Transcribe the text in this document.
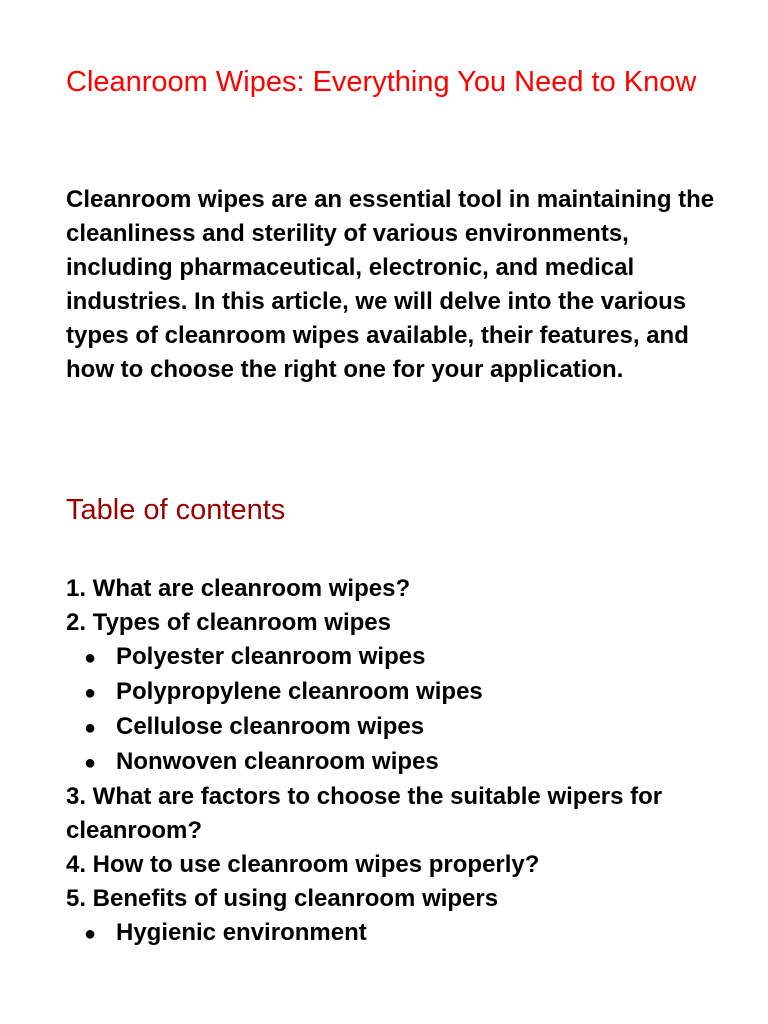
Cleanroom Wipes: Everything You Need to Know

Cleanroom wipes are an essential tool in maintaining the cleanliness and sterility of various environments, including pharmaceutical, electronic, and medical industries. In this article, we will delve into the various types of cleanroom wipes available, their features, and how to choose the right one for your application.

Table of contents
1. What are cleanroom wipes?
2. Types of cleanroom wipes
● Polyester cleanroom wipes
● Polypropylene cleanroom wipes
● Cellulose cleanroom wipes
● Nonwoven cleanroom wipes
3. What are factors to choose the suitable wipers for cleanroom?
4. How to use cleanroom wipes properly?
5. Benefits of using cleanroom wipers
● Hygienic environment
